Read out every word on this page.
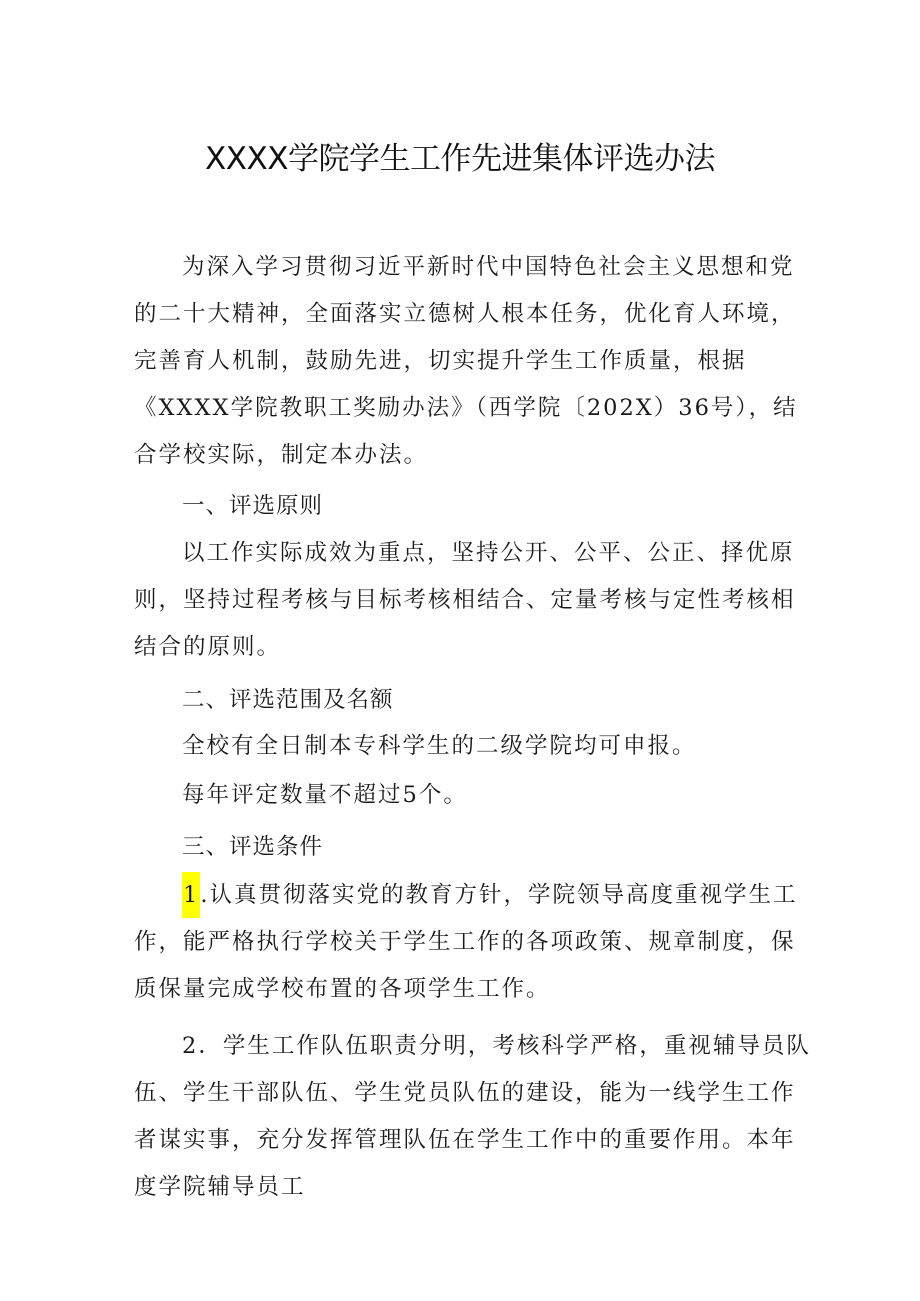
XXXX学院学生工作先进集体评选办法

为深入学习贯彻习近平新时代中国特色社会主义思想和党的二十大精神，全面落实立德树人根本任务，优化育人环境，完善育人机制，鼓励先进，切实提升学生工作质量，根据《XXXX学院教职工奖励办法》（西学院〔202X）36号），结合学校实际，制定本办法。

一、评选原则

以工作实际成效为重点，坚持公开、公平、公正、择优原则，坚持过程考核与目标考核相结合、定量考核与定性考核相结合的原则。

二、评选范围及名额

全校有全日制本专科学生的二级学院均可申报。

每年评定数量不超过5个。

三、评选条件

1.认真贯彻落实党的教育方针，学院领导高度重视学生工作，能严格执行学校关于学生工作的各项政策、规章制度，保质保量完成学校布置的各项学生工作。

2．学生工作队伍职责分明，考核科学严格，重视辅导员队伍、学生干部队伍、学生党员队伍的建设，能为一线学生工作者谋实事，充分发挥管理队伍在学生工作中的重要作用。本年度学院辅导员工
